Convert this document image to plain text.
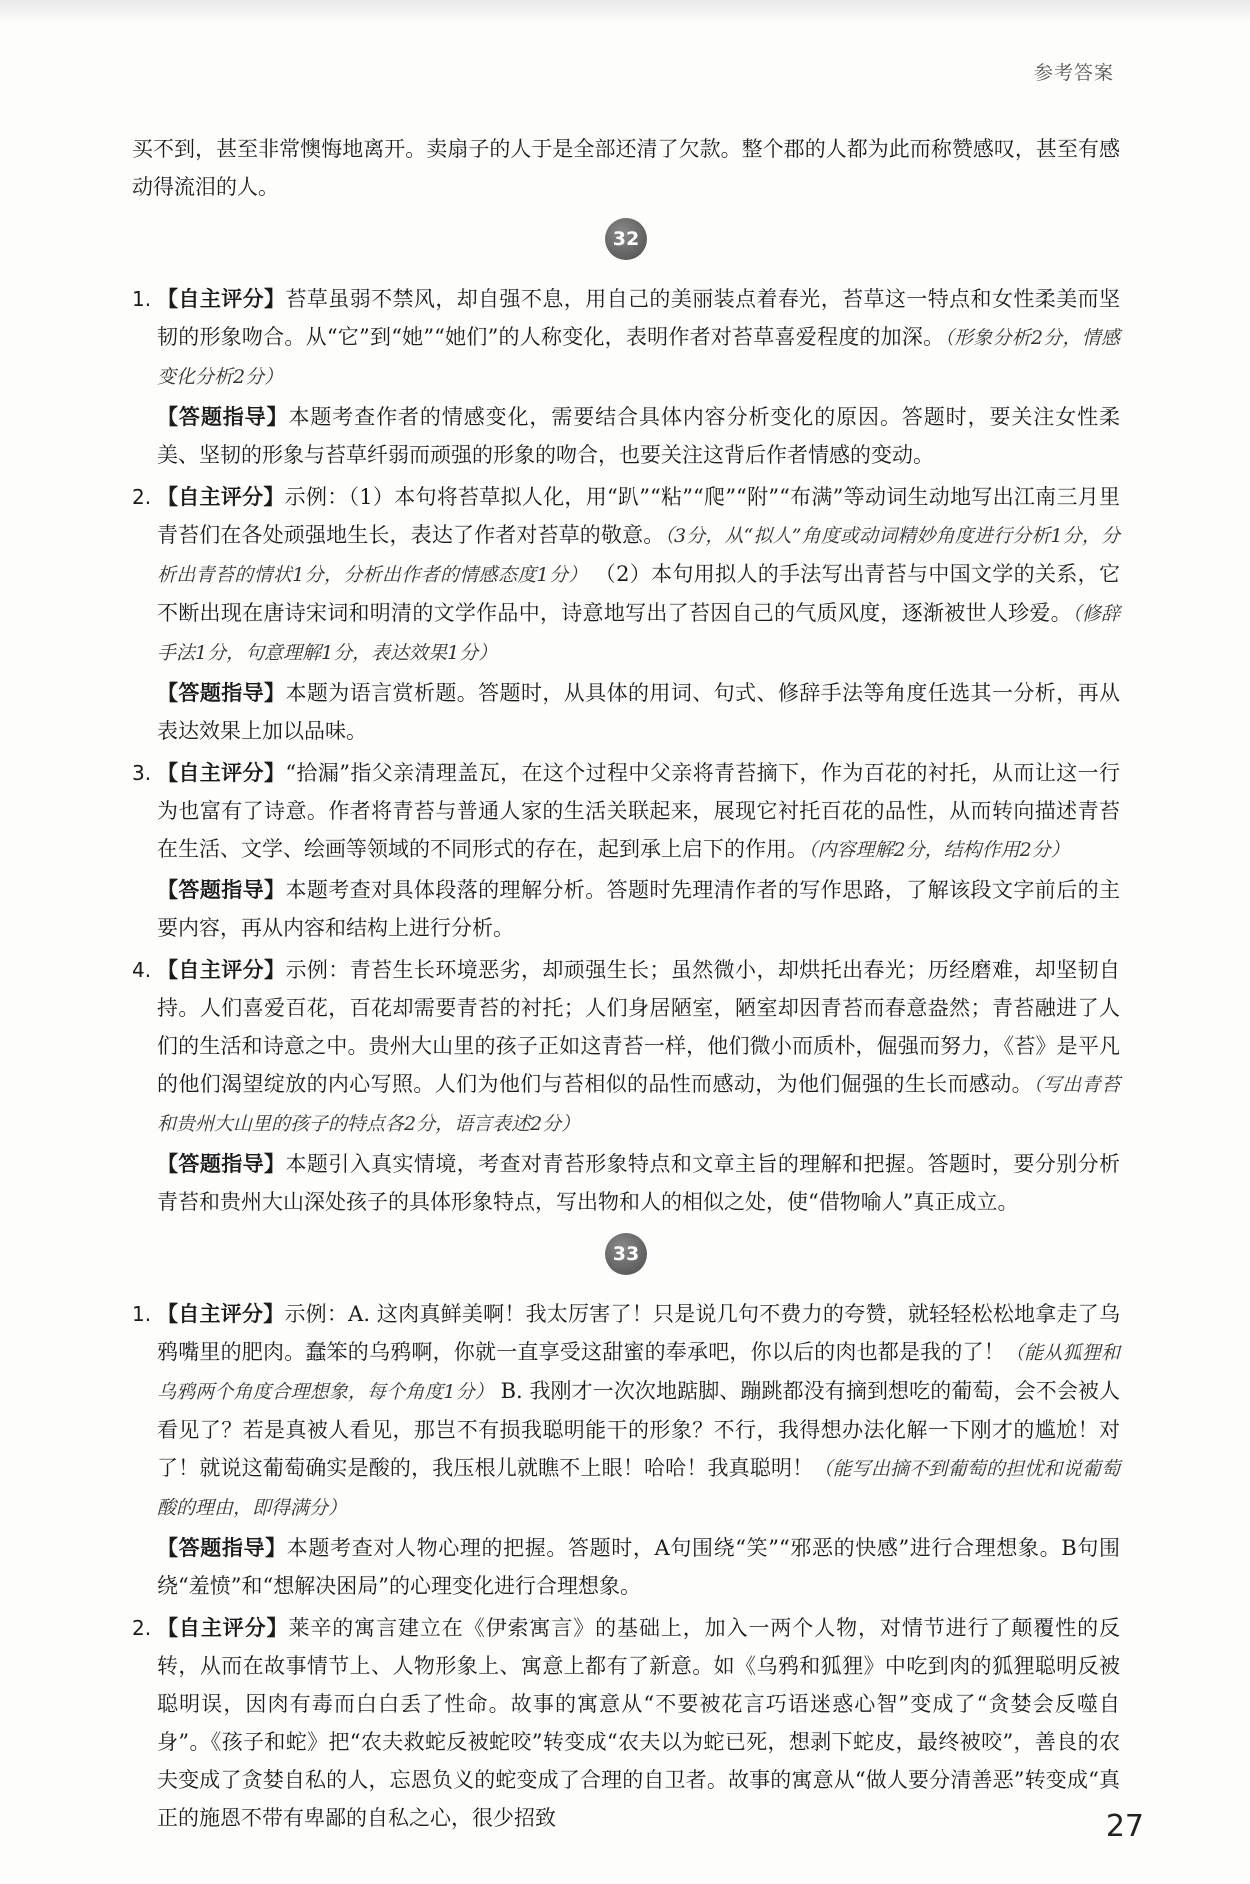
参考答案

买不到，甚至非常懊悔地离开。卖扇子的人于是全部还清了欠款。整个郡的人都为此而称赞感叹，甚至有感动得流泪的人。

32
1. 【自主评分】苔草虽弱不禁风，却自强不息，用自己的美丽装点着春光，苔草这一特点和女性柔美而坚韧的形象吻合。从“它”到“她”“她们”的人称变化，表明作者对苔草喜爱程度的加深。（形象分析2分，情感变化分析2分）

【答题指导】本题考查作者的情感变化，需要结合具体内容分析变化的原因。答题时，要关注女性柔美、坚韧的形象与苔草纤弱而顽强的形象的吻合，也要关注这背后作者情感的变动。

2. 【自主评分】示例：（1）本句将苔草拟人化，用“趴”“粘”“爬”“附”“布满”等动词生动地写出江南三月里青苔们在各处顽强地生长，表达了作者对苔草的敬意。（3分，从“拟人”角度或动词精妙角度进行分析1分，分析出青苔的情状1分，分析出作者的情感态度1分） （2）本句用拟人的手法写出青苔与中国文学的关系，它不断出现在唐诗宋词和明清的文学作品中，诗意地写出了苔因自己的气质风度，逐渐被世人珍爱。（修辞手法1分，句意理解1分，表达效果1分）

【答题指导】本题为语言赏析题。答题时，从具体的用词、句式、修辞手法等角度任选其一分析，再从表达效果上加以品味。

3. 【自主评分】“拾漏”指父亲清理盖瓦，在这个过程中父亲将青苔摘下，作为百花的衬托，从而让这一行为也富有了诗意。作者将青苔与普通人家的生活关联起来，展现它衬托百花的品性，从而转向描述青苔在生活、文学、绘画等领域的不同形式的存在，起到承上启下的作用。（内容理解2分，结构作用2分）

【答题指导】本题考查对具体段落的理解分析。答题时先理清作者的写作思路，了解该段文字前后的主要内容，再从内容和结构上进行分析。

4. 【自主评分】示例：青苔生长环境恶劣，却顽强生长；虽然微小，却烘托出春光；历经磨难，却坚韧自持。人们喜爱百花，百花却需要青苔的衬托；人们身居陋室，陋室却因青苔而春意盎然；青苔融进了人们的生活和诗意之中。贵州大山里的孩子正如这青苔一样，他们微小而质朴，倔强而努力，《苔》是平凡的他们渴望绽放的内心写照。人们为他们与苔相似的品性而感动，为他们倔强的生长而感动。（写出青苔和贵州大山里的孩子的特点各2分，语言表述2分）

【答题指导】本题引入真实情境，考查对青苔形象特点和文章主旨的理解和把握。答题时，要分别分析青苔和贵州大山深处孩子的具体形象特点，写出物和人的相似之处，使“借物喻人”真正成立。

33
1. 【自主评分】示例：A. 这肉真鲜美啊！我太厉害了！只是说几句不费力的夸赞，就轻轻松松地拿走了乌鸦嘴里的肥肉。蠢笨的乌鸦啊，你就一直享受这甜蜜的奉承吧，你以后的肉也都是我的了！（能从狐狸和乌鸦两个角度合理想象，每个角度1分） B. 我刚才一次次地踮脚、蹦跳都没有摘到想吃的葡萄，会不会被人看见了？若是真被人看见，那岂不有损我聪明能干的形象？不行，我得想办法化解一下刚才的尴尬！对了！就说这葡萄确实是酸的，我压根儿就瞧不上眼！哈哈！我真聪明！（能写出摘不到葡萄的担忧和说葡萄酸的理由，即得满分）

【答题指导】本题考查对人物心理的把握。答题时，A句围绕“笑”“邪恶的快感”进行合理想象。B句围绕“羞愤”和“想解决困局”的心理变化进行合理想象。

2. 【自主评分】莱辛的寓言建立在《伊索寓言》的基础上，加入一两个人物，对情节进行了颠覆性的反转，从而在故事情节上、人物形象上、寓意上都有了新意。如《乌鸦和狐狸》中吃到肉的狐狸聪明反被聪明误，因肉有毒而白白丢了性命。故事的寓意从“不要被花言巧语迷惑心智”变成了“贪婪会反噬自身”。《孩子和蛇》把“农夫救蛇反被蛇咬”转变成“农夫以为蛇已死，想剥下蛇皮，最终被咬”，善良的农夫变成了贪婪自私的人，忘恩负义的蛇变成了合理的自卫者。故事的寓意从“做人要分清善恶”转变成“真正的施恩不带有卑鄙的自私之心，很少招致	27
